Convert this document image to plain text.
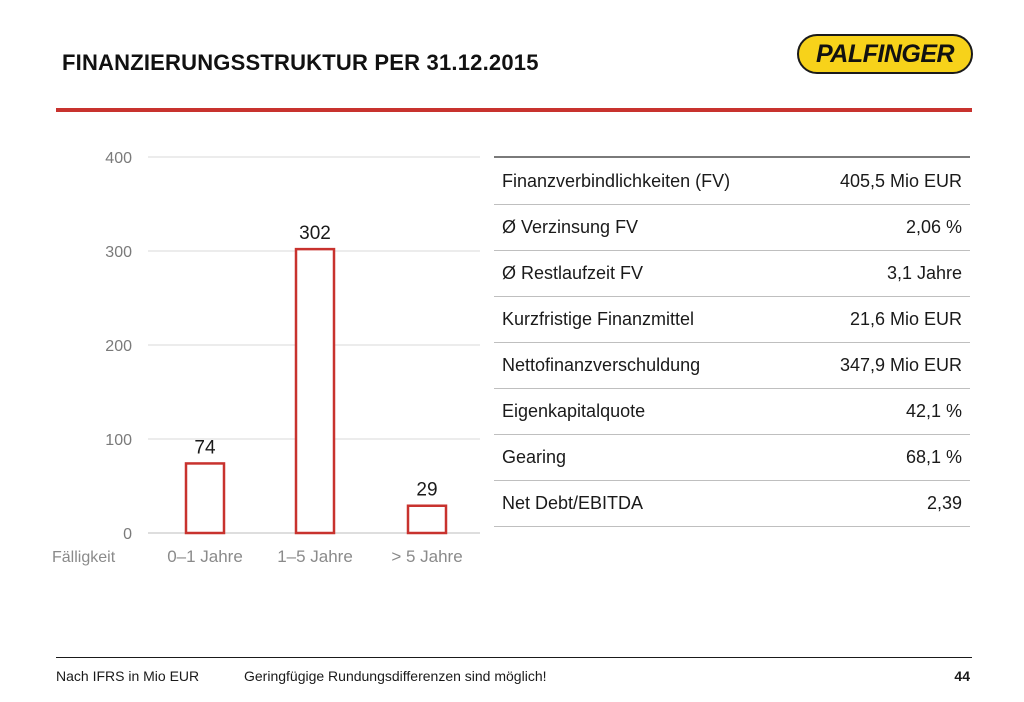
FINANZIERUNGSSTRUKTUR PER 31.12.2015	PALFINGER
0
100
200
300
400
74
0–1 Jahre
302
1–5 Jahre
29
> 5 Jahre
Fälligkeit
Finanzverbindlichkeiten (FV)	405,5 Mio EUR
Ø Verzinsung FV	2,06 %
Ø Restlaufzeit FV	3,1 Jahre
Kurzfristige Finanzmittel	21,6 Mio EUR
Nettofinanzverschuldung	347,9 Mio EUR
Eigenkapitalquote	42,1 %
Gearing	68,1 %
Net Debt/EBITDA	2,39
Nach IFRS in Mio EUR	Geringfügige Rundungsdifferenzen sind möglich!	44
